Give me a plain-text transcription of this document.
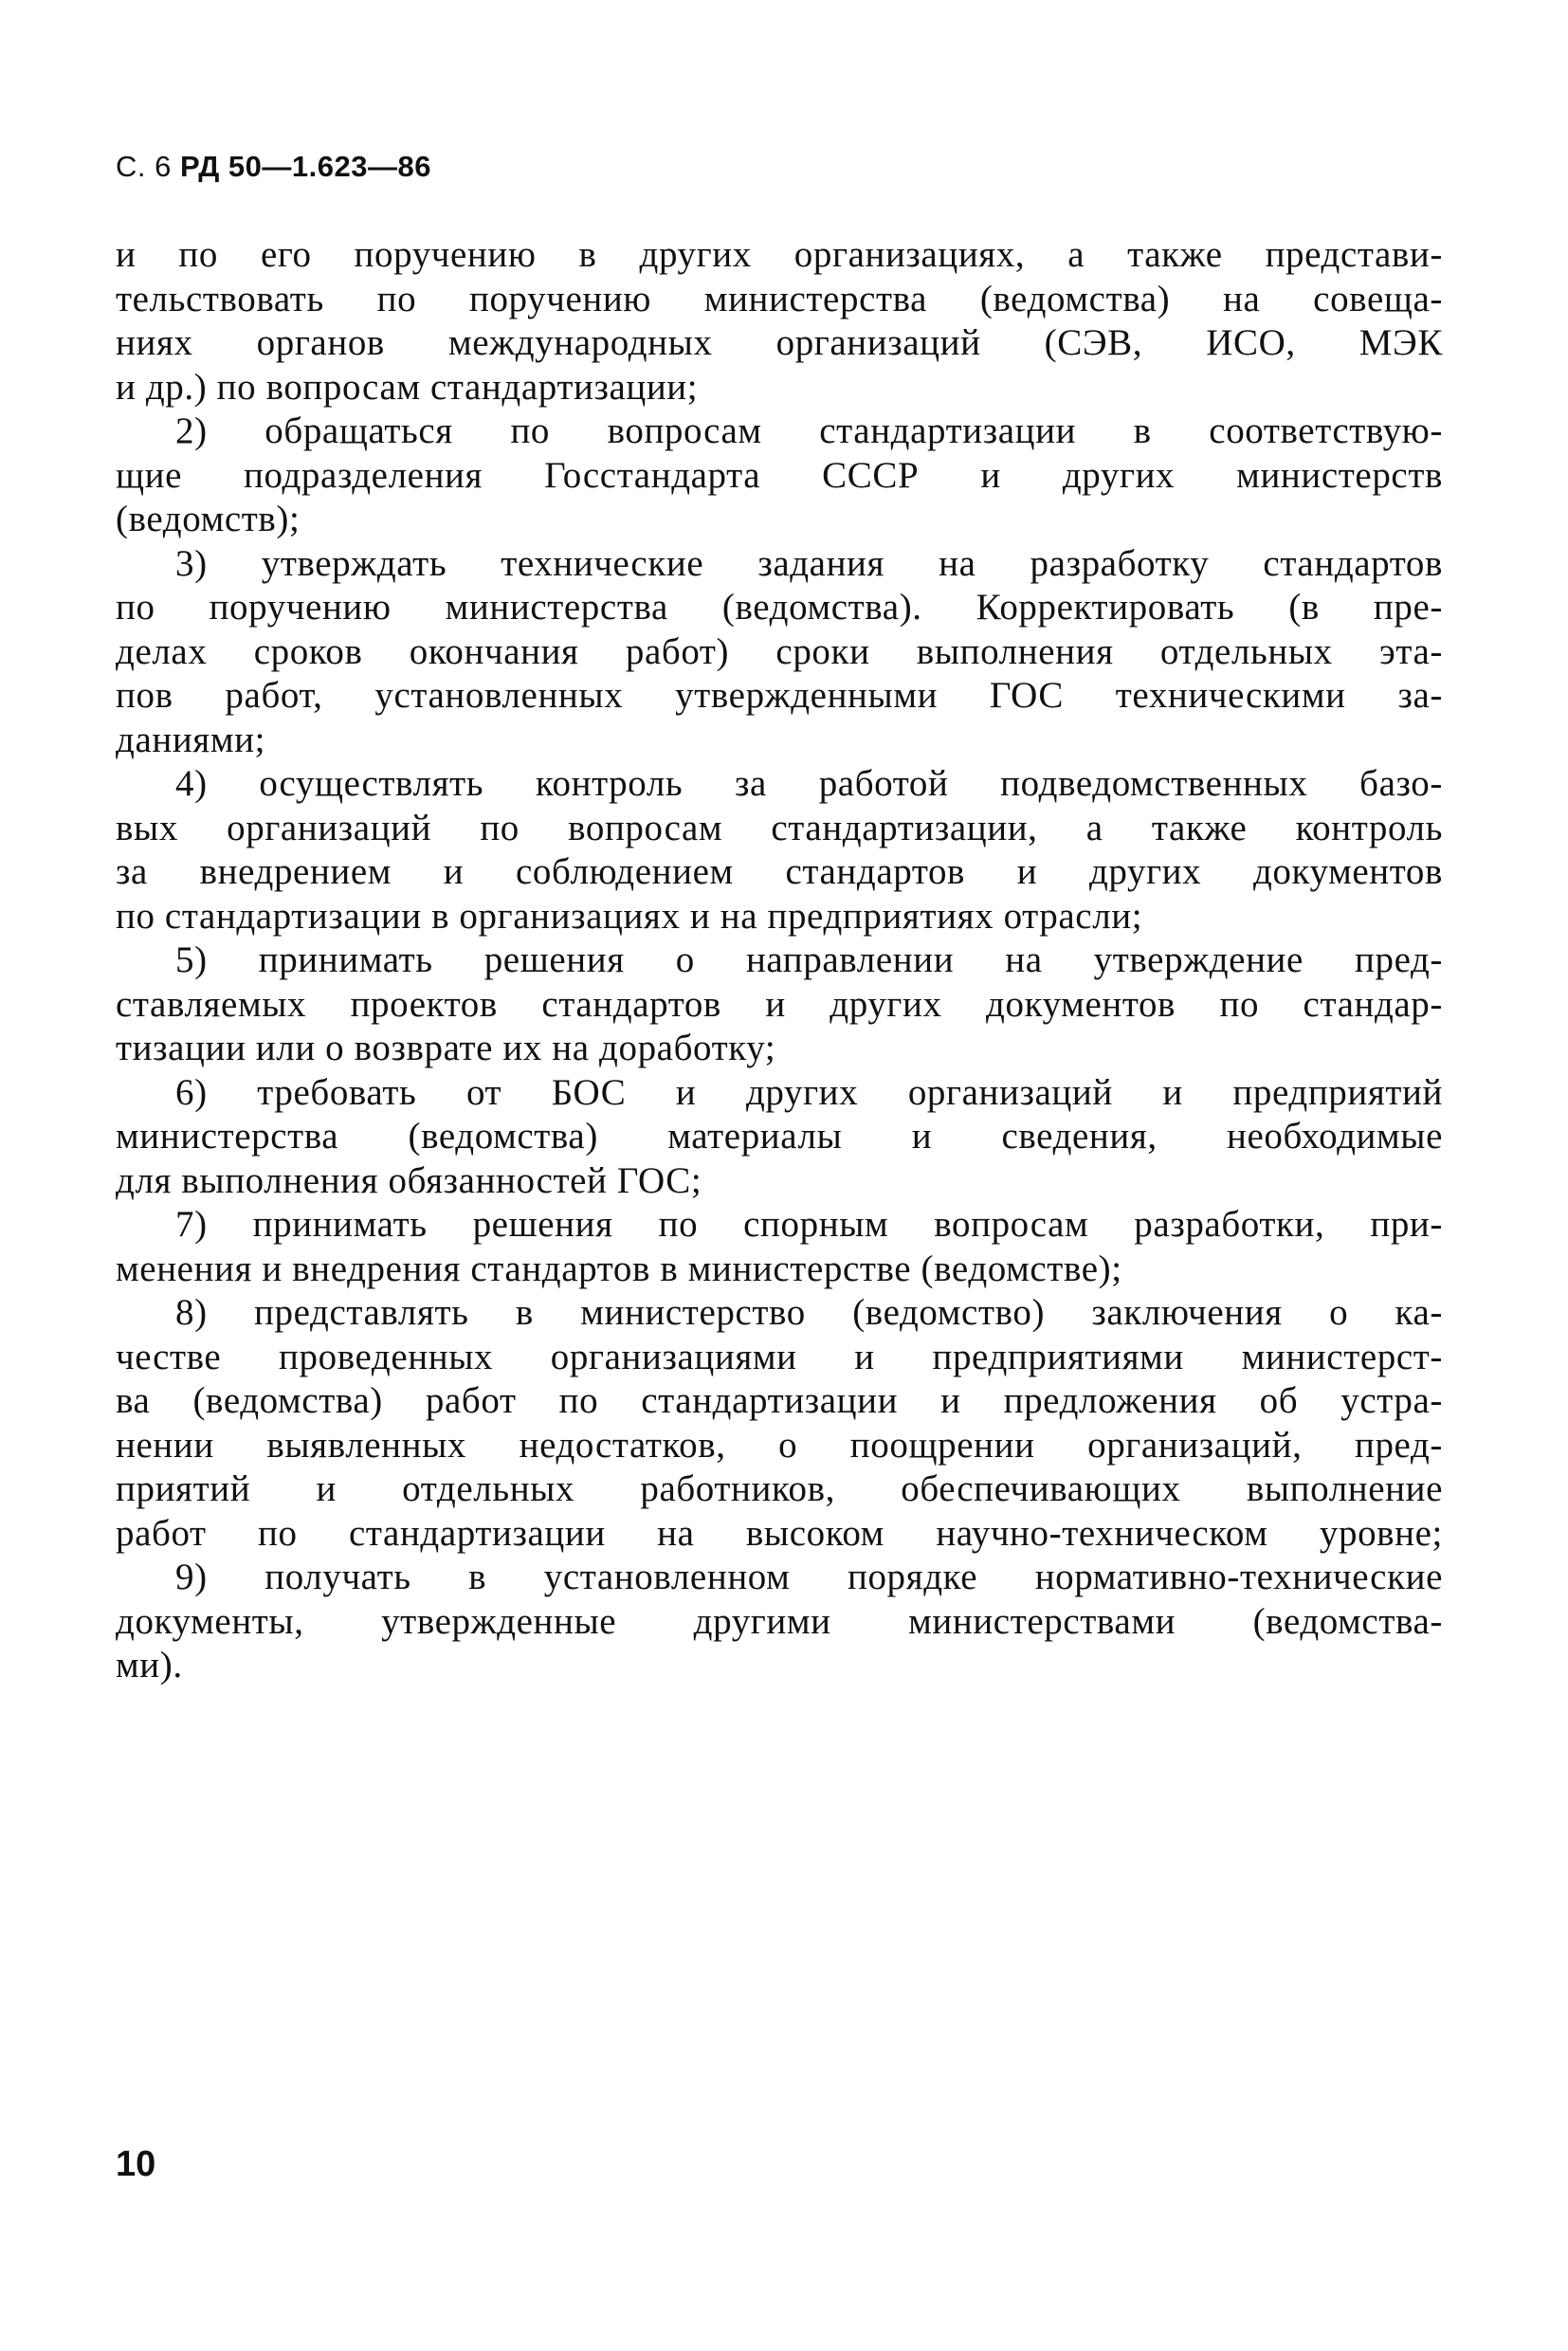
С. 6 РД 50—1.623—86
и по его поручению в других организациях, а также представи-
тельствовать по поручению министерства (ведомства) на совеща-
ниях органов международных организаций (СЭВ, ИСО, МЭК
и др.) по вопросам стандартизации;
2) обращаться по вопросам стандартизации в соответствую-
щие подразделения Госстандарта СССР и других министерств
(ведомств);
3) утверждать технические задания на разработку стандартов
по поручению министерства (ведомства). Корректировать (в пре-
делах сроков окончания работ) сроки выполнения отдельных эта-
пов работ, установленных утвержденными ГОС техническими за-
даниями;
4) осуществлять контроль за работой подведомственных базо-
вых организаций по вопросам стандартизации, а также контроль
за внедрением и соблюдением стандартов и других документов
по стандартизации в организациях и на предприятиях отрасли;
5) принимать решения о направлении на утверждение пред-
ставляемых проектов стандартов и других документов по стандар-
тизации или о возврате их на доработку;
6) требовать от БОС и других организаций и предприятий
министерства (ведомства) материалы и сведения, необходимые
для выполнения обязанностей ГОС;
7) принимать решения по спорным вопросам разработки, при-
менения и внедрения стандартов в министерстве (ведомстве);
8) представлять в министерство (ведомство) заключения о ка-
честве проведенных организациями и предприятиями министерст-
ва (ведомства) работ по стандартизации и предложения об устра-
нении выявленных недостатков, о поощрении организаций, пред-
приятий и отдельных работников, обеспечивающих выполнение
работ по стандартизации на высоком научно-техническом уровне;
9) получать в установленном порядке нормативно-технические
документы, утвержденные другими министерствами (ведомства-
ми).
10
